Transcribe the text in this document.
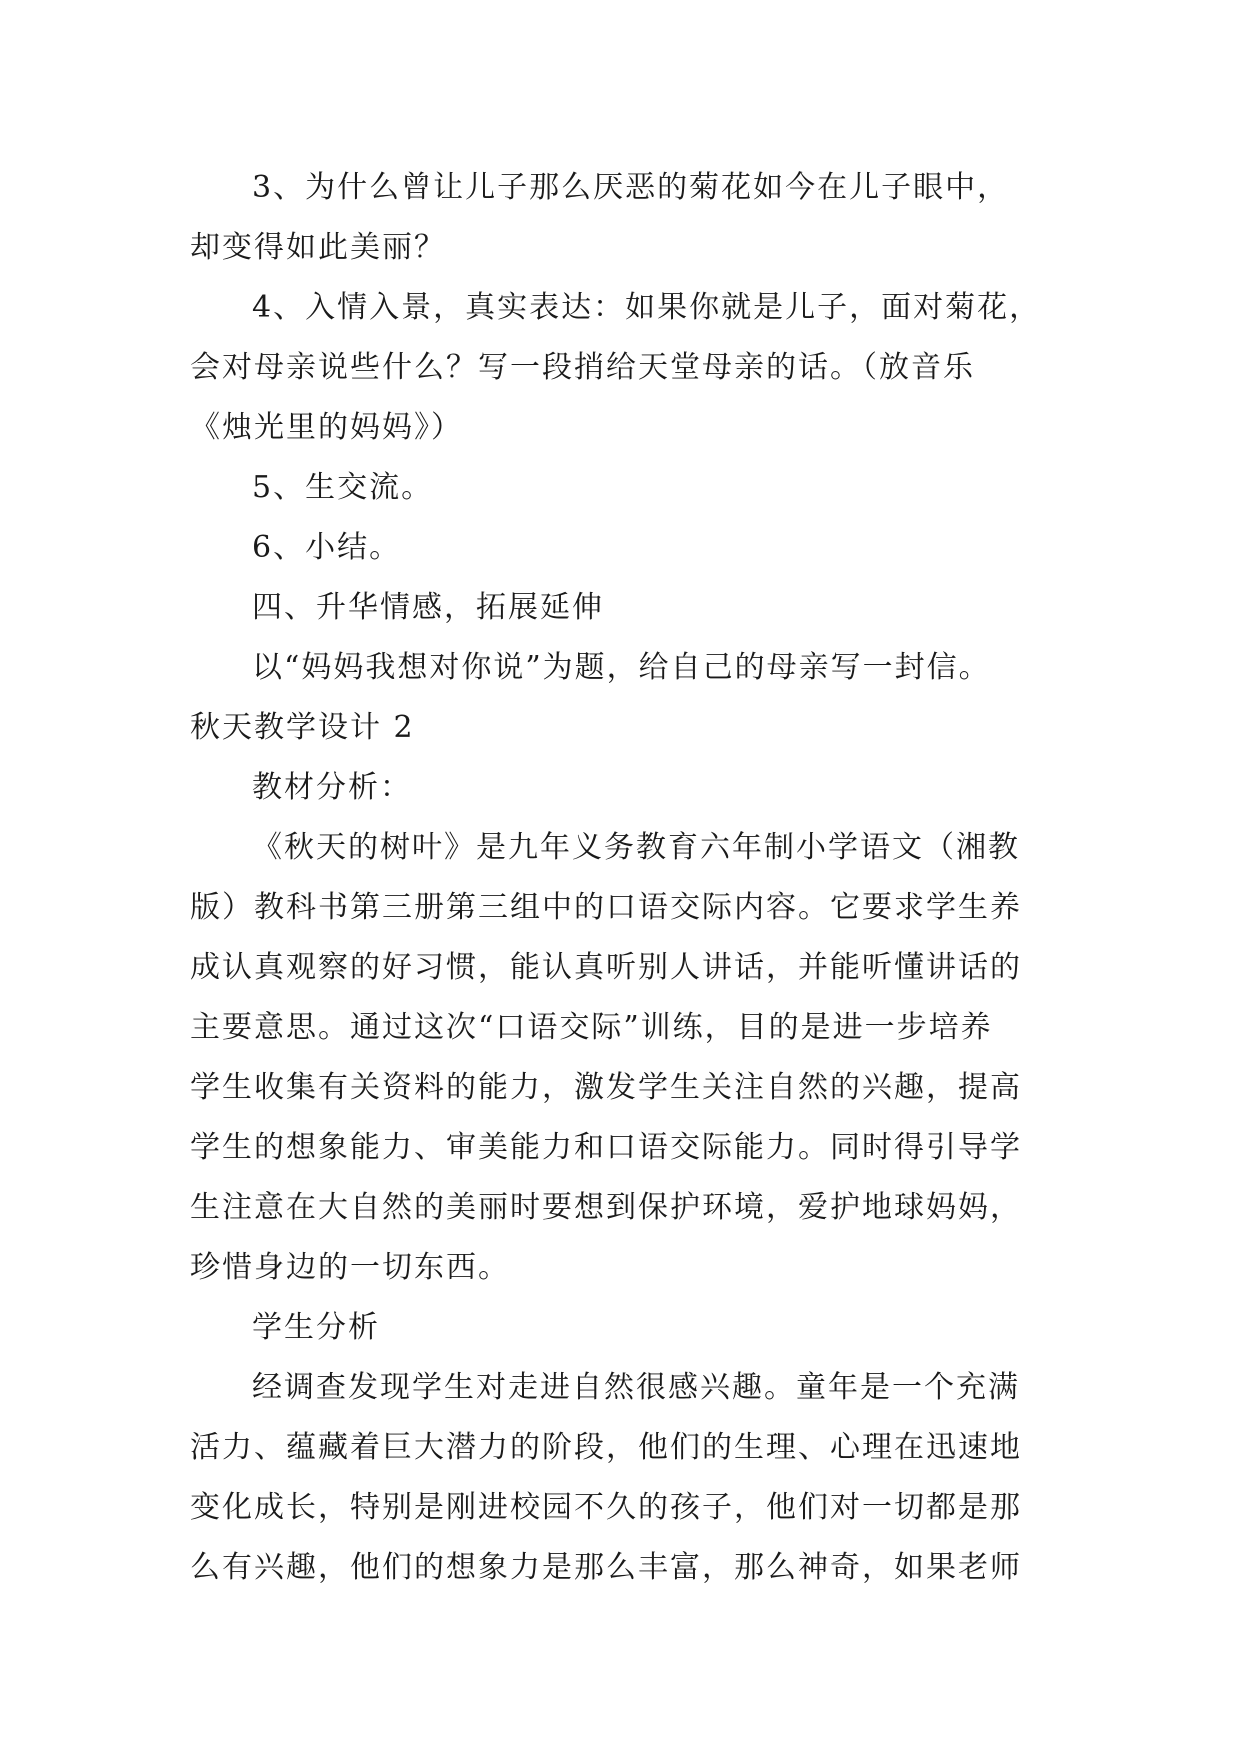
3、为什么曾让儿子那么厌恶的菊花如今在儿子眼中，
却变得如此美丽？
4、入情入景，真实表达：如果你就是儿子，面对菊花，
会对母亲说些什么？写一段捎给天堂母亲的话。（放音乐
《烛光里的妈妈》）
5、生交流。
6、小结。
四、升华情感，拓展延伸
以“妈妈我想对你说”为题，给自己的母亲写一封信。
秋天教学设计 2
教材分析：
《秋天的树叶》是九年义务教育六年制小学语文（湘教
版）教科书第三册第三组中的口语交际内容。它要求学生养
成认真观察的好习惯，能认真听别人讲话，并能听懂讲话的
主要意思。通过这次“口语交际”训练，目的是进一步培养
学生收集有关资料的能力，激发学生关注自然的兴趣，提高
学生的想象能力、审美能力和口语交际能力。同时得引导学
生注意在大自然的美丽时要想到保护环境，爱护地球妈妈，
珍惜身边的一切东西。
学生分析
经调查发现学生对走进自然很感兴趣。童年是一个充满
活力、蕴藏着巨大潜力的阶段，他们的生理、心理在迅速地
变化成长，特别是刚进校园不久的孩子，他们对一切都是那
么有兴趣，他们的想象力是那么丰富，那么神奇，如果老师
